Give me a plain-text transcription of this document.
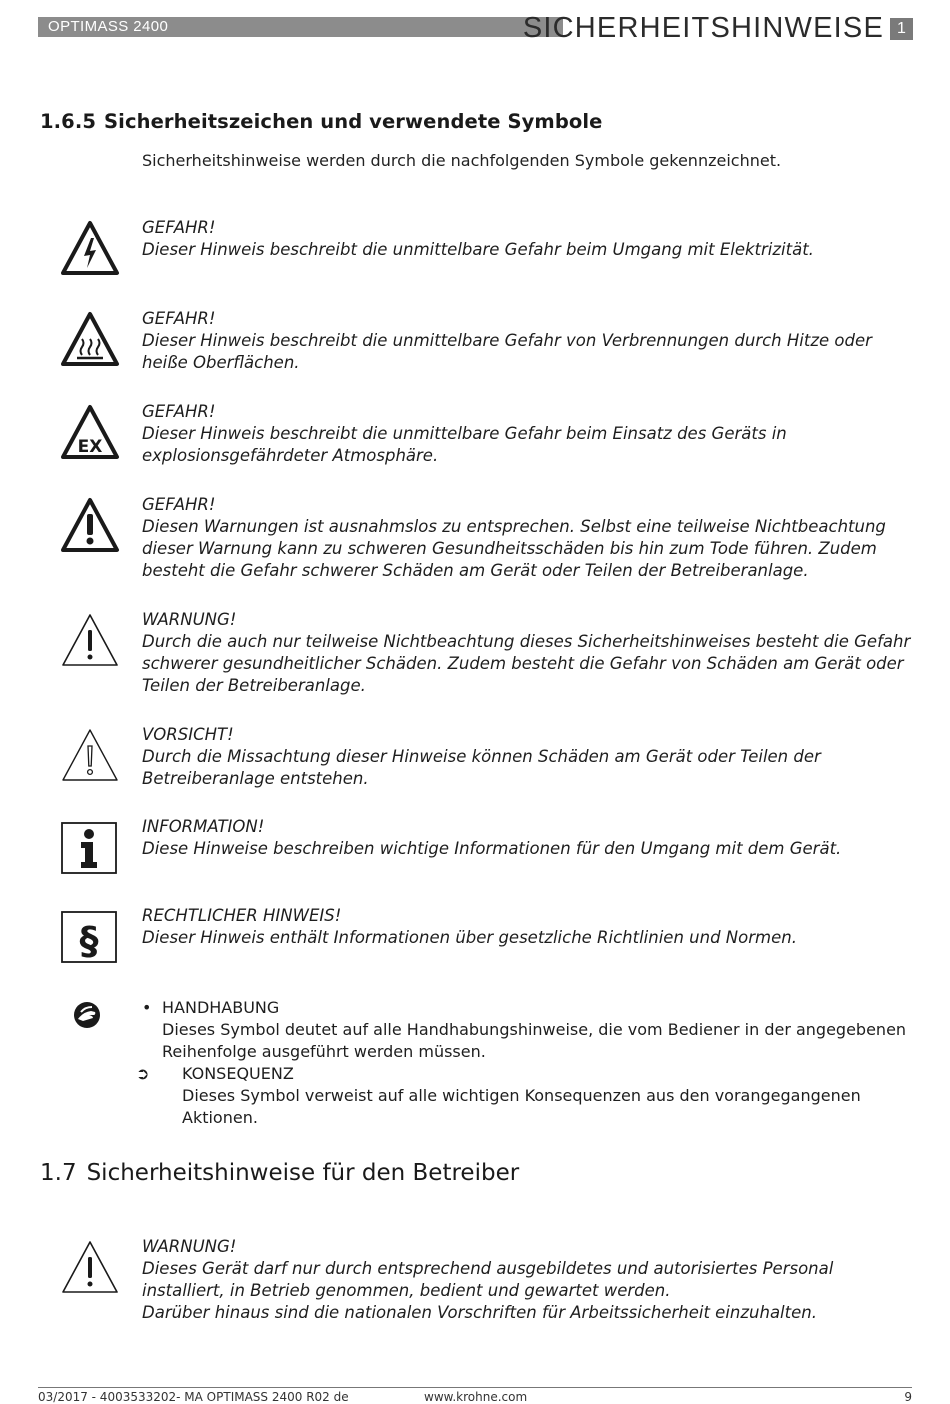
OPTIMASS 2400	SICHERHEITSHINWEISE 1
1.6.5 Sicherheitszeichen und verwendete Symbole
Sicherheitshinweise werden durch die nachfolgenden Symbole gekennzeichnet.
GEFAHR!
Dieser Hinweis beschreibt die unmittelbare Gefahr beim Umgang mit Elektrizität.
GEFAHR!
Dieser Hinweis beschreibt die unmittelbare Gefahr von Verbrennungen durch Hitze oder heiße Oberflächen.
EX
GEFAHR!
Dieser Hinweis beschreibt die unmittelbare Gefahr beim Einsatz des Geräts in explosionsgefährdeter Atmosphäre.
GEFAHR!
Diesen Warnungen ist ausnahmslos zu entsprechen. Selbst eine teilweise Nichtbeachtung dieser Warnung kann zu schweren Gesundheitsschäden bis hin zum Tode führen. Zudem besteht die Gefahr schwerer Schäden am Gerät oder Teilen der Betreiberanlage.
WARNUNG!
Durch die auch nur teilweise Nichtbeachtung dieses Sicherheitshinweises besteht die Gefahr schwerer gesundheitlicher Schäden. Zudem besteht die Gefahr von Schäden am Gerät oder Teilen der Betreiberanlage.
VORSICHT!
Durch die Missachtung dieser Hinweise können Schäden am Gerät oder Teilen der Betreiberanlage entstehen.
INFORMATION!
Diese Hinweise beschreiben wichtige Informationen für den Umgang mit dem Gerät.
§
RECHTLICHER HINWEIS!
Dieser Hinweis enthält Informationen über gesetzliche Richtlinien und Normen.
• HANDHABUNG
Dieses Symbol deutet auf alle Handhabungshinweise, die vom Bediener in der angegebenen Reihenfolge ausgeführt werden müssen.
➲ KONSEQUENZ
Dieses Symbol verweist auf alle wichtigen Konsequenzen aus den vorangegangenen Aktionen.
1.7 Sicherheitshinweise für den Betreiber
WARNUNG!
Dieses Gerät darf nur durch entsprechend ausgebildetes und autorisiertes Personal installiert, in Betrieb genommen, bedient und gewartet werden.
Darüber hinaus sind die nationalen Vorschriften für Arbeitssicherheit einzuhalten.
03/2017 - 4003533202- MA OPTIMASS 2400 R02 de	www.krohne.com	9
